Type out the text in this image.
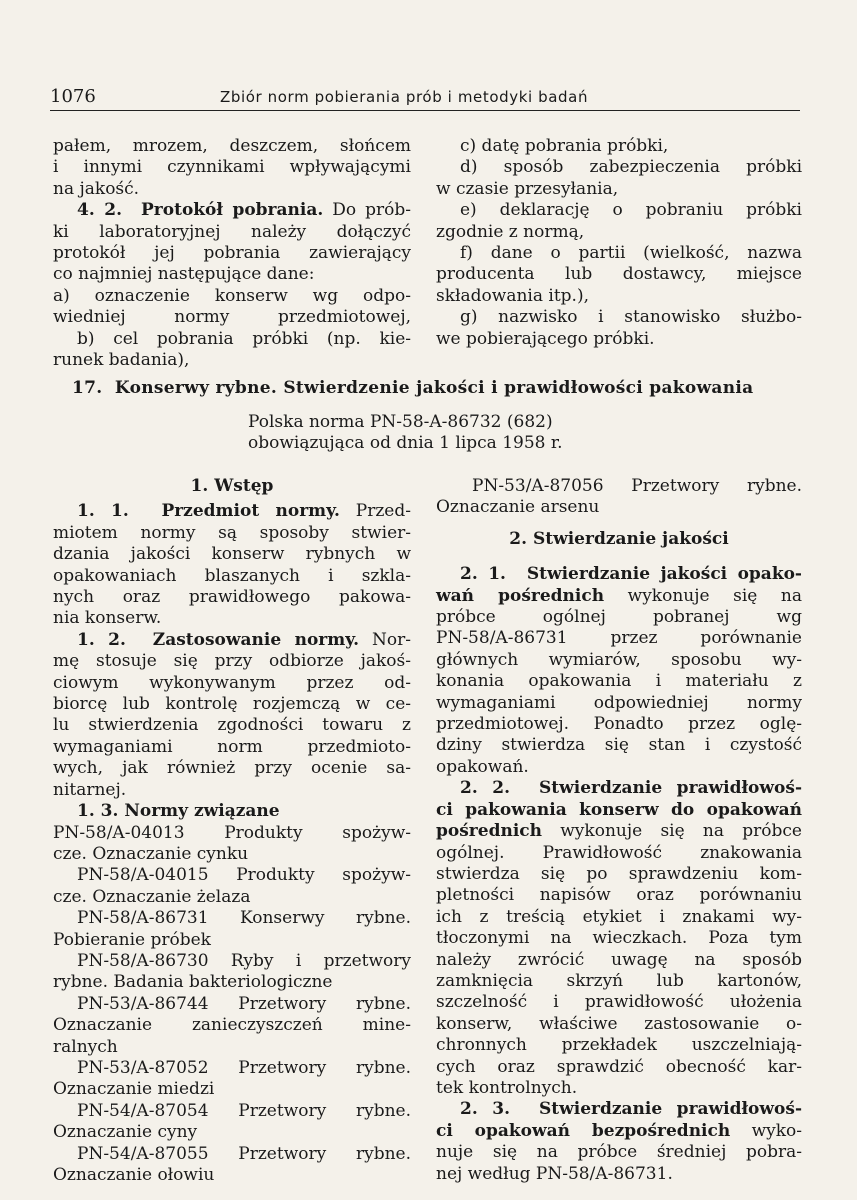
1076	Zbiór norm pobierania prób i metodyki badań

pałem, mrozem, deszczem, słońcem

i innymi czynnikami wpływającymi

na jakość.

4. 2.  Protokół pobrania. Do prób-

ki laboratoryjnej należy dołączyć

protokół jej pobrania zawierający

co najmniej następujące dane:

a) oznaczenie konserw wg odpo-

wiedniej normy przedmiotowej,

b) cel pobrania próbki (np. kie-

runek badania),

c) datę pobrania próbki,

d) sposób zabezpieczenia próbki

w czasie przesyłania,

e) deklarację o pobraniu próbki

zgodnie z normą,

f) dane o partii (wielkość, nazwa

producenta lub dostawcy, miejsce

składowania itp.),

g) nazwisko i stanowisko służbo-

we pobierającego próbki.

17. Konserwy rybne. Stwierdzenie jakości i prawidłowości pakowania
Polska norma PN-58-A-86732 (682)
obowiązująca od dnia 1 lipca 1958 r.

1. Wstęp

1. 1.  Przedmiot normy. Przed-

miotem normy są sposoby stwier-

dzania jakości konserw rybnych w

opakowaniach blaszanych i szkla-

nych oraz prawidłowego pakowa-

nia konserw.

1. 2.  Zastosowanie normy. Nor-

mę stosuje się przy odbiorze jakoś-

ciowym wykonywanym przez od-

biorcę lub kontrolę rozjemczą w ce-

lu stwierdzenia zgodności towaru z

wymaganiami norm przedmioto-

wych, jak również przy ocenie sa-

nitarnej.

1. 3. Normy związane

PN-58/A-04013 Produkty spożyw-

cze. Oznaczanie cynku

PN-58/A-04015 Produkty spożyw-

cze. Oznaczanie żelaza

PN-58/A-86731 Konserwy rybne.

Pobieranie próbek

PN-58/A-86730 Ryby i przetwory

rybne. Badania bakteriologiczne

PN-53/A-86744 Przetwory rybne.

Oznaczanie zanieczyszczeń mine-

ralnych

PN-53/A-87052 Przetwory rybne.

Oznaczanie miedzi

PN-54/A-87054 Przetwory rybne.

Oznaczanie cyny

PN-54/A-87055 Przetwory rybne.

Oznaczanie ołowiu

PN-53/A-87056 Przetwory rybne.

Oznaczanie arsenu

2. Stwierdzanie jakości

2. 1.  Stwierdzanie jakości opako-

wań pośrednich wykonuje się na

próbce ogólnej pobranej wg

PN-58/A-86731 przez porównanie

głównych wymiarów, sposobu wy-

konania opakowania i materiału z

wymaganiami odpowiedniej normy

przedmiotowej. Ponadto przez oglę-

dziny stwierdza się stan i czystość

opakowań.

2. 2.  Stwierdzanie prawidłowoś-

ci pakowania konserw do opakowań

pośrednich wykonuje się na próbce

ogólnej. Prawidłowość znakowania

stwierdza się po sprawdzeniu kom-

pletności napisów oraz porównaniu

ich z treścią etykiet i znakami wy-

tłoczonymi na wieczkach. Poza tym

należy zwrócić uwagę na sposób

zamknięcia skrzyń lub kartonów,

szczelność i prawidłowość ułożenia

konserw, właściwe zastosowanie o-

chronnych przekładek uszczelniają-

cych oraz sprawdzić obecność kar-

tek kontrolnych.

2. 3.  Stwierdzanie prawidłowoś-

ci opakowań bezpośrednich wyko-

nuje się na próbce średniej pobra-

nej według PN-58/A-86731.
